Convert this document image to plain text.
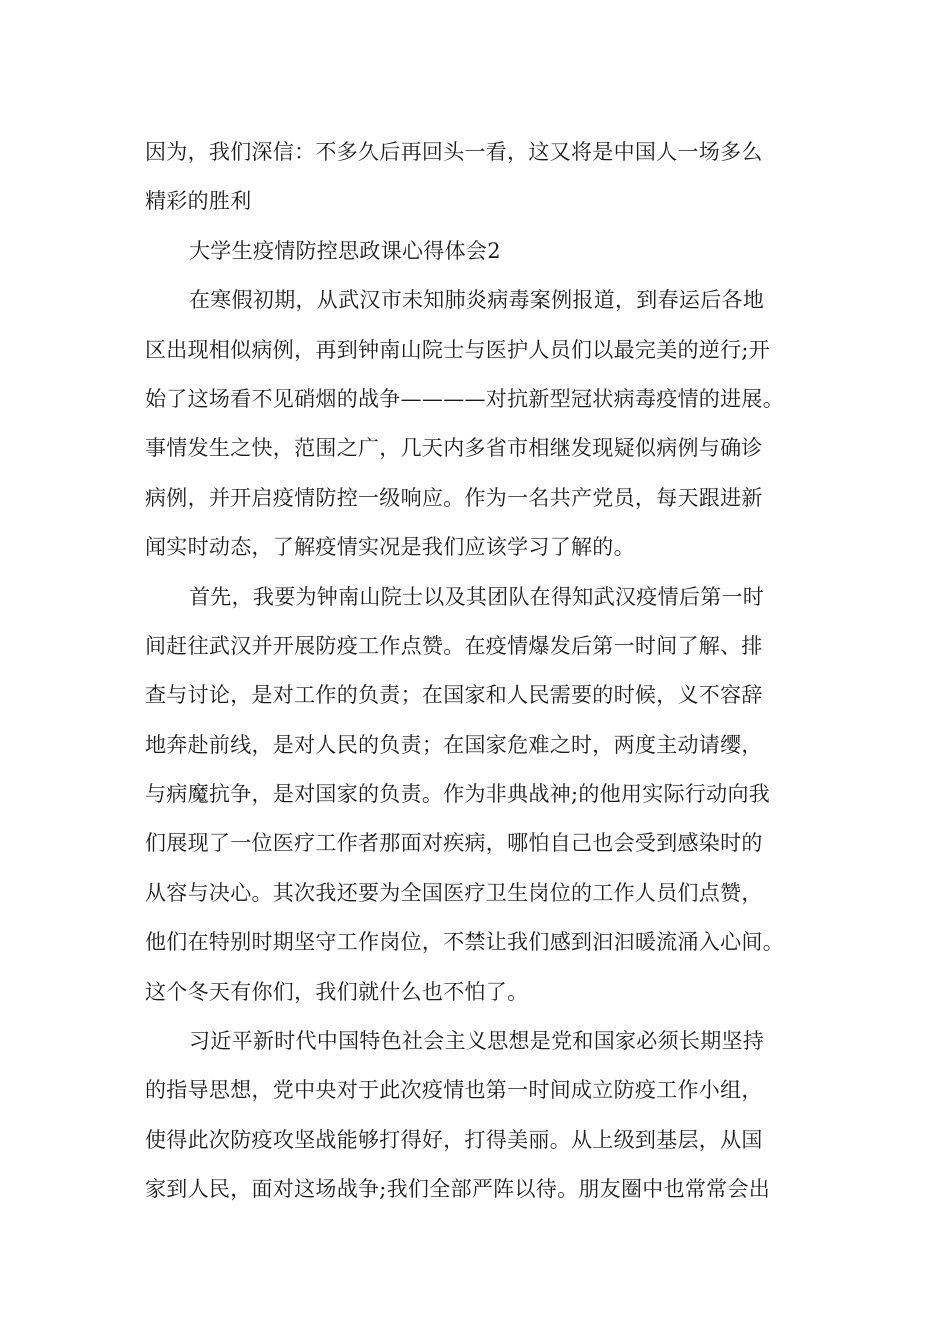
因为，我们深信：不多久后再回头一看，这又将是中国人一场多么
精彩的胜利
大学生疫情防控思政课心得体会2
在寒假初期，从武汉市未知肺炎病毒案例报道，到春运后各地
区出现相似病例，再到钟南山院士与医护人员们以最完美的逆行;开
始了这场看不见硝烟的战争————对抗新型冠状病毒疫情的进展。
事情发生之快，范围之广，几天内多省市相继发现疑似病例与确诊
病例，并开启疫情防控一级响应。作为一名共产党员，每天跟进新
闻实时动态，了解疫情实况是我们应该学习了解的。
首先，我要为钟南山院士以及其团队在得知武汉疫情后第一时
间赶往武汉并开展防疫工作点赞。在疫情爆发后第一时间了解、排
查与讨论，是对工作的负责；在国家和人民需要的时候，义不容辞
地奔赴前线，是对人民的负责；在国家危难之时，两度主动请缨，
与病魔抗争，是对国家的负责。作为非典战神;的他用实际行动向我
们展现了一位医疗工作者那面对疾病，哪怕自己也会受到感染时的
从容与决心。其次我还要为全国医疗卫生岗位的工作人员们点赞，
他们在特别时期坚守工作岗位，不禁让我们感到汩汩暖流涌入心间。
这个冬天有你们，我们就什么也不怕了。
习近平新时代中国特色社会主义思想是党和国家必须长期坚持
的指导思想，党中央对于此次疫情也第一时间成立防疫工作小组，
使得此次防疫攻坚战能够打得好，打得美丽。从上级到基层，从国
家到人民，面对这场战争;我们全部严阵以待。朋友圈中也常常会出
